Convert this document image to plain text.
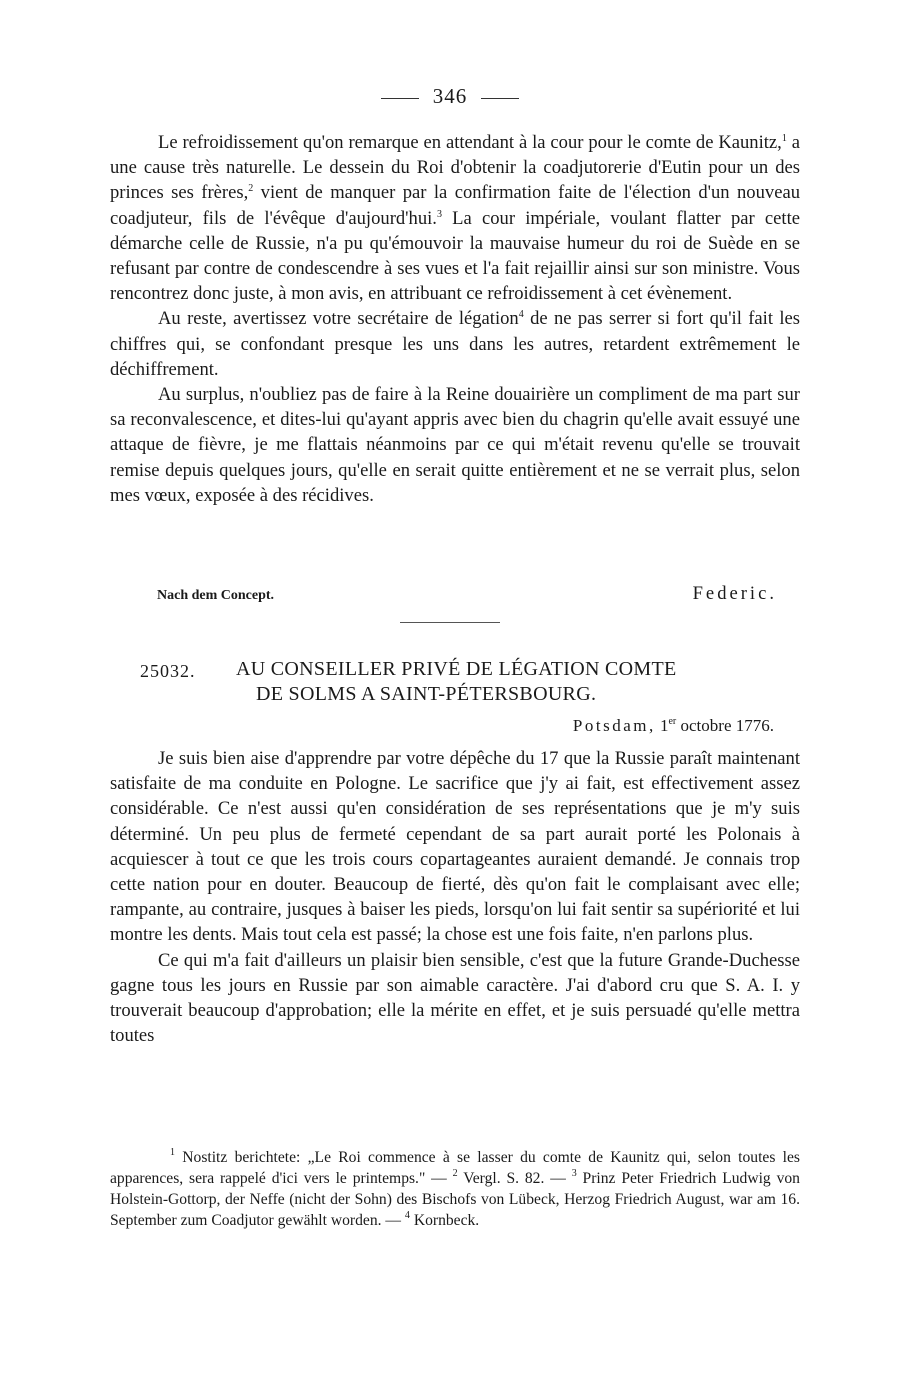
346

Le refroidissement qu'on remarque en attendant à la cour pour le comte de Kaunitz,$^1$ a une cause très naturelle. Le dessein du Roi d'obtenir la coadjutorerie d'Eutin pour un des princes ses frères,$^2$ vient de manquer par la confirmation faite de l'élection d'un nouveau coadjuteur, fils de l'évêque d'aujourd'hui.$^3$ La cour impériale, voulant flatter par cette démarche celle de Russie, n'a pu qu'émouvoir la mauvaise humeur du roi de Suède en se refusant par contre de condescendre à ses vues et l'a fait rejaillir ainsi sur son ministre. Vous rencontrez donc juste, à mon avis, en attribuant ce refroidissement à cet évènement.

Au reste, avertissez votre secrétaire de légation$^4$ de ne pas serrer si fort qu'il fait les chiffres qui, se confondant presque les uns dans les autres, retardent extrêmement le déchiffrement.

Au surplus, n'oubliez pas de faire à la Reine douairière un compliment de ma part sur sa reconvalescence, et dites-lui qu'ayant appris avec bien du chagrin qu'elle avait essuyé une attaque de fièvre, je me flattais néanmoins par ce qui m'était revenu qu'elle se trouvait remise depuis quelques jours, qu'elle en serait quitte entièrement et ne se verrait plus, selon mes vœux, exposée à des récidives.

Nach dem Concept.	Federic.
25032. AU CONSEILLER PRIVÉ DE LÉGATION COMTE
DE SOLMS A SAINT-PÉTERSBOURG.
Potsdam, 1er octobre 1776.

Je suis bien aise d'apprendre par votre dépêche du 17 que la Russie paraît maintenant satisfaite de ma conduite en Pologne. Le sacrifice que j'y ai fait, est effectivement assez considérable. Ce n'est aussi qu'en considération de ses représentations que je m'y suis déterminé. Un peu plus de fermeté cependant de sa part aurait porté les Polonais à acquiescer à tout ce que les trois cours copartageantes auraient demandé. Je connais trop cette nation pour en douter. Beaucoup de fierté, dès qu'on fait le complaisant avec elle; rampante, au contraire, jusques à baiser les pieds, lorsqu'on lui fait sentir sa supériorité et lui montre les dents. Mais tout cela est passé; la chose est une fois faite, n'en parlons plus.

Ce qui m'a fait d'ailleurs un plaisir bien sensible, c'est que la future Grande-Duchesse gagne tous les jours en Russie par son aimable caractère. J'ai d'abord cru que S. A. I. y trouverait beaucoup d'approbation; elle la mérite en effet, et je suis persuadé qu'elle mettra toutes

$^1$ Nostitz berichtete: „Le Roi commence à se lasser du comte de Kaunitz qui, selon toutes les apparences, sera rappelé d'ici vers le printemps." — $^2$ Vergl. S. 82. — $^3$ Prinz Peter Friedrich Ludwig von Holstein-Gottorp, der Neffe (nicht der Sohn) des Bischofs von Lübeck, Herzog Friedrich August, war am 16. September zum Coadjutor gewählt worden. — $^4$ Kornbeck.
